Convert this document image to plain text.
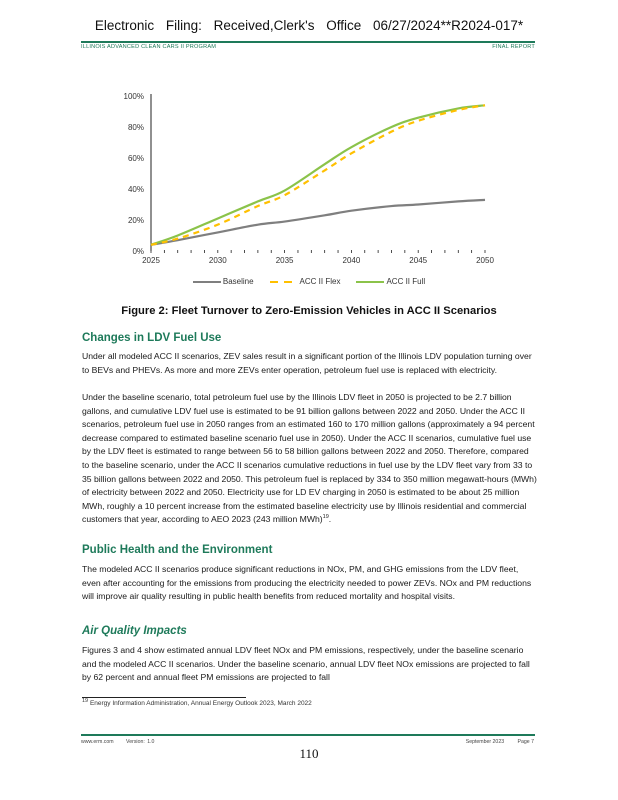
Electronic Filing: Received,Clerk's Office 06/27/2024**R2024-017*
ILLINOIS ADVANCED CLEAN CARS II PROGRAM	FINAL REPORT
0%
20%
40%
60%
80%
100%
2025	2030	2035	2040	2045	2050
Baseline	ACC II Flex	ACC II Full
Figure 2: Fleet Turnover to Zero-Emission Vehicles in ACC II Scenarios
Changes in LDV Fuel Use
Under all modeled ACC II scenarios, ZEV sales result in a significant portion of the Illinois LDV population turning over to BEVs and PHEVs. As more and more ZEVs enter operation, petroleum fuel use is replaced with electricity.
Under the baseline scenario, total petroleum fuel use by the Illinois LDV fleet in 2050 is projected to be 2.7 billion gallons, and cumulative LDV fuel use is estimated to be 91 billion gallons between 2022 and 2050. Under the ACC II scenarios, petroleum fuel use in 2050 ranges from an estimated 160 to 170 million gallons (approximately a 94 percent decrease compared to estimated baseline scenario fuel use in 2050). Under the ACC II scenarios, cumulative fuel use by the LDV fleet is estimated to range between 56 to 58 billion gallons between 2022 and 2050. Therefore, compared to the baseline scenario, under the ACC II scenarios cumulative reductions in fuel use by the LDV fleet vary from 33 to 35 billion gallons between 2022 and 2050. This petroleum fuel is replaced by 334 to 350 million megawatt-hours (MWh) of electricity between 2022 and 2050. Electricity use for LD EV charging in 2050 is estimated to be about 25 million MWh, roughly a 10 percent increase from the estimated baseline electricity use by Illinois residential and commercial customers that year, according to AEO 2023 (243 million MWh)$^{19}$.
Public Health and the Environment
The modeled ACC II scenarios produce significant reductions in NOx, PM, and GHG emissions from the LDV fleet, even after accounting for the emissions from producing the electricity needed to power ZEVs. NOx and PM reductions will improve air quality resulting in public health benefits from reduced mortality and hospital visits.
Air Quality Impacts
Figures 3 and 4 show estimated annual LDV fleet NOx and PM emissions, respectively, under the baseline scenario and the modeled ACC II scenarios. Under the baseline scenario, annual LDV fleet NOx emissions are projected to fall by 62 percent and annual fleet PM emissions are projected to fall
$^{19}$ Energy Information Administration, Annual Energy Outlook 2023, March 2022
www.erm.com Version: 1.0	September 2023	Page 7
110
